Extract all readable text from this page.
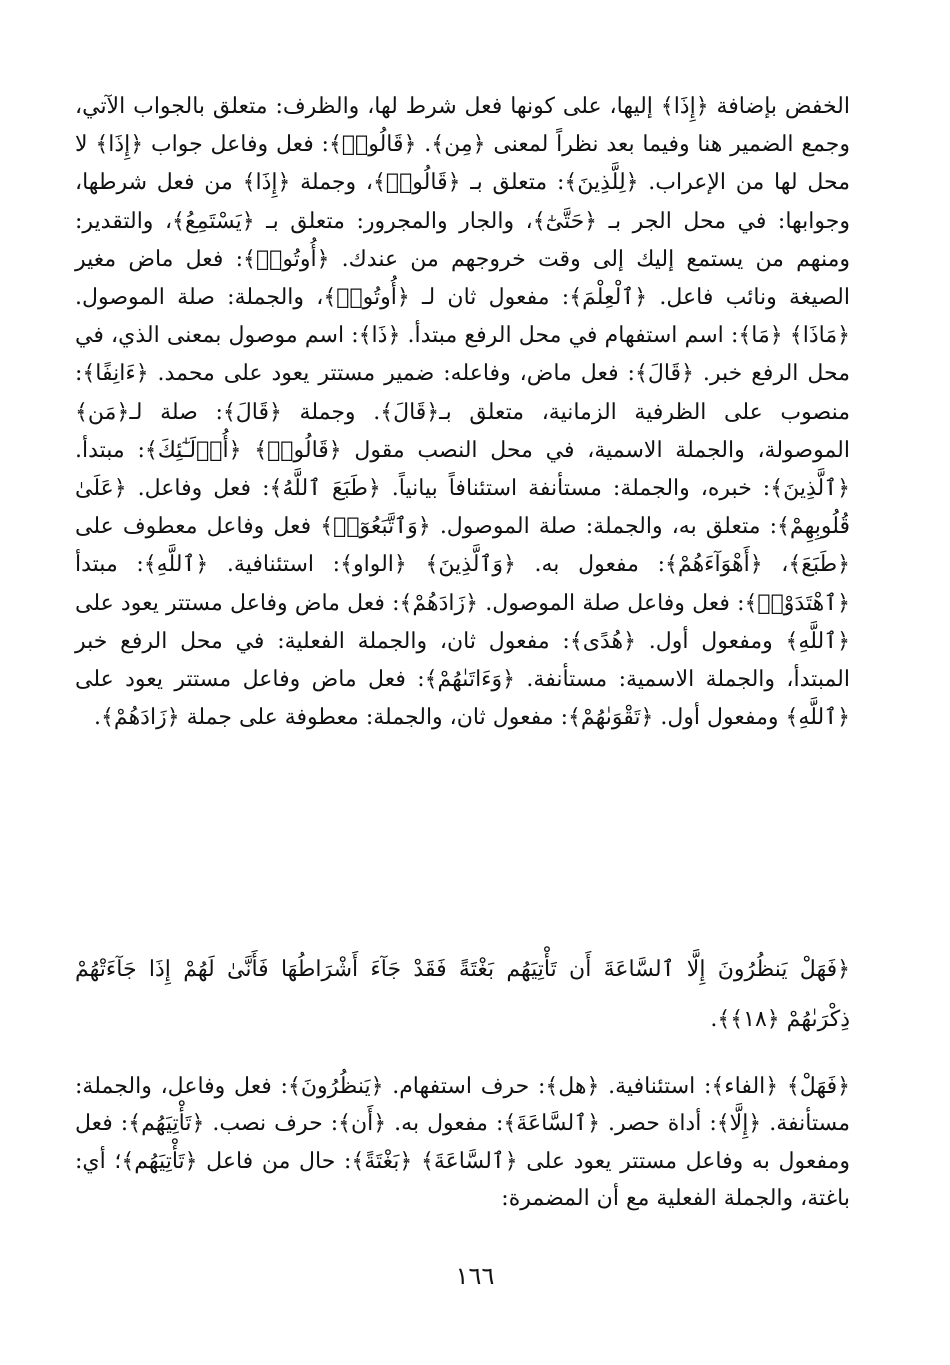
الخفض بإضافة ﴿إِذَا﴾ إليها، على كونها فعل شرط لها، والظرف: متعلق بالجواب الآتي، وجمع الضمير هنا وفيما بعد نظراً لمعنى ﴿مِن﴾. ﴿قَالُوا۟﴾: فعل وفاعل جواب ﴿إِذَا﴾ لا محل لها من الإعراب. ﴿لِلَّذِينَ﴾: متعلق بـ ﴿قَالُوا۟﴾، وجملة ﴿إِذَا﴾ من فعل شرطها، وجوابها: في محل الجر بـ ﴿حَتَّىٰٓ﴾، والجار والمجرور: متعلق بـ ﴿يَسْتَمِعُ﴾، والتقدير: ومنهم من يستمع إليك إلى وقت خروجهم من عندك. ﴿أُوتُوا۟﴾: فعل ماض مغير الصيغة ونائب فاعل. ﴿ٱلْعِلْمَ﴾: مفعول ثان لـ ﴿أُوتُوا۟﴾، والجملة: صلة الموصول. ﴿مَاذَا﴾ ﴿مَا﴾: اسم استفهام في محل الرفع مبتدأ. ﴿ذَا﴾: اسم موصول بمعنى الذي، في محل الرفع خبر. ﴿قَالَ﴾: فعل ماض، وفاعله: ضمير مستتر يعود على محمد. ﴿ءَانِفًا﴾: منصوب على الظرفية الزمانية، متعلق بـ﴿قَالَ﴾. وجملة ﴿قَالَ﴾: صلة لـ﴿مَن﴾ الموصولة، والجملة الاسمية، في محل النصب مقول ﴿قَالُوا۟﴾ ﴿أُو۟لَـٰٓئِكَ﴾: مبتدأ. ﴿ٱلَّذِينَ﴾: خبره، والجملة: مستأنفة استئنافاً بيانياً. ﴿طَبَعَ ٱللَّهُ﴾: فعل وفاعل. ﴿عَلَىٰ قُلُوبِهِمْ﴾: متعلق به، والجملة: صلة الموصول. ﴿وَٱتَّبَعُوٓا۟﴾ فعل وفاعل معطوف على ﴿طَبَعَ﴾، ﴿أَهْوَآءَهُمْ﴾: مفعول به. ﴿وَٱلَّذِينَ﴾ ﴿الواو﴾: استئنافية. ﴿ٱللَّهِ﴾: مبتدأ ﴿ٱهْتَدَوْا۟﴾: فعل وفاعل صلة الموصول. ﴿زَادَهُمْ﴾: فعل ماض وفاعل مستتر يعود على ﴿ٱللَّهِ﴾ ومفعول أول. ﴿هُدًى﴾: مفعول ثان، والجملة الفعلية: في محل الرفع خبر المبتدأ، والجملة الاسمية: مستأنفة. ﴿وَءَاتَىٰهُمْ﴾: فعل ماض وفاعل مستتر يعود على ﴿ٱللَّهِ﴾ ومفعول أول. ﴿تَقْوَىٰهُمْ﴾: مفعول ثان، والجملة: معطوفة على جملة ﴿زَادَهُمْ﴾.
﴿فَهَلْ يَنظُرُونَ إِلَّا ٱلسَّاعَةَ أَن تَأْتِيَهُم بَغْتَةً فَقَدْ جَآءَ أَشْرَاطُهَا فَأَنَّىٰ لَهُمْ إِذَا جَآءَتْهُمْ ذِكْرَىٰهُمْ ﴿١٨﴾﴾.
﴿فَهَلْ﴾ ﴿الفاء﴾: استئنافية. ﴿هل﴾: حرف استفهام. ﴿يَنظُرُونَ﴾: فعل وفاعل، والجملة: مستأنفة. ﴿إِلَّا﴾: أداة حصر. ﴿ٱلسَّاعَةَ﴾: مفعول به. ﴿أَن﴾: حرف نصب. ﴿تَأْتِيَهُم﴾: فعل ومفعول به وفاعل مستتر يعود على ﴿ٱلسَّاعَةَ﴾ ﴿بَغْتَةً﴾: حال من فاعل ﴿تَأْتِيَهُم﴾؛ أي: باغتة، والجملة الفعلية مع أن المضمرة:
١٦٦
